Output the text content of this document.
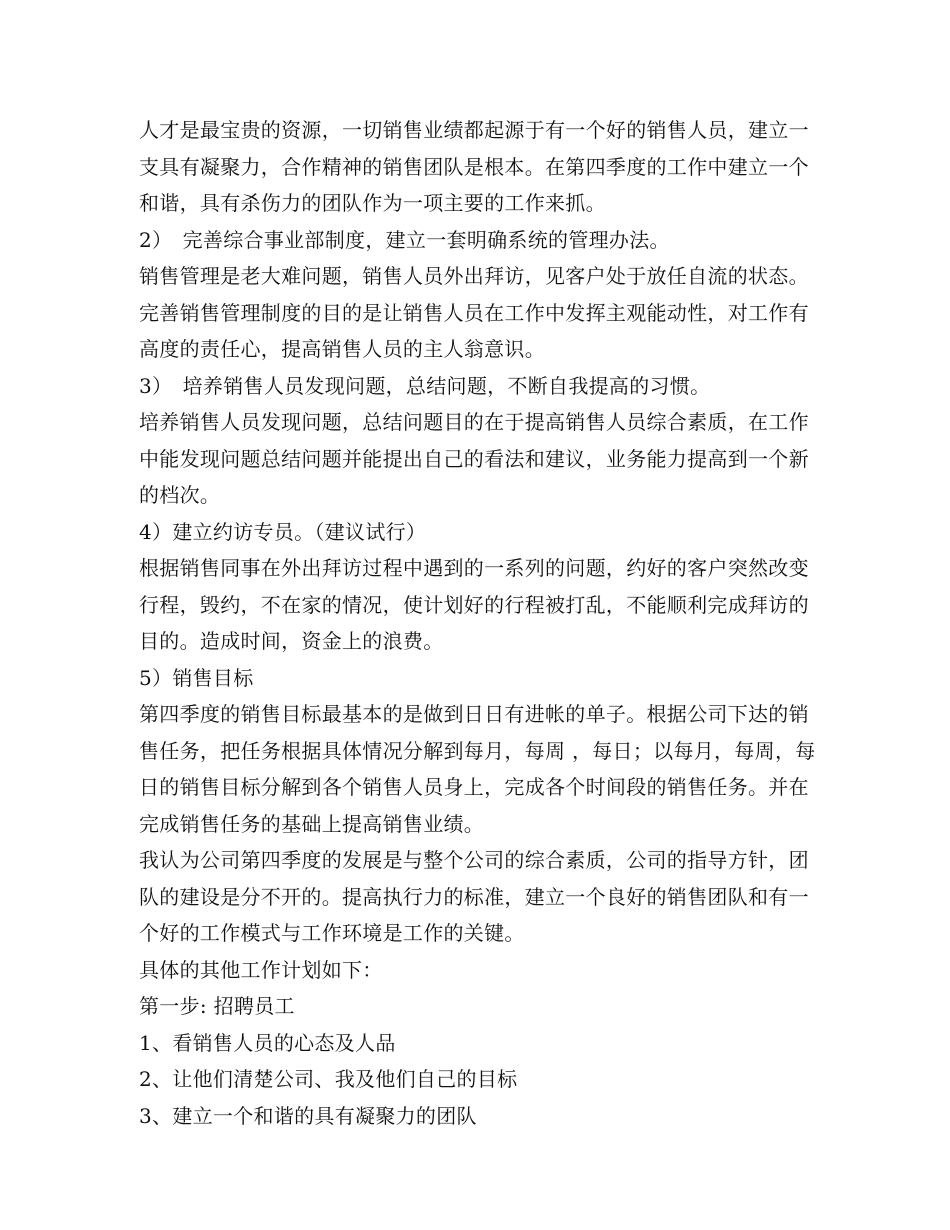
人才是最宝贵的资源，一切销售业绩都起源于有一个好的销售人员，建立一支具有凝聚力，合作精神的销售团队是根本。在第四季度的工作中建立一个和谐，具有杀伤力的团队作为一项主要的工作来抓。

2）　完善综合事业部制度，建立一套明确系统的管理办法。

销售管理是老大难问题，销售人员外出拜访，见客户处于放任自流的状态。完善销售管理制度的目的是让销售人员在工作中发挥主观能动性，对工作有高度的责任心，提高销售人员的主人翁意识。

3）　培养销售人员发现问题，总结问题，不断自我提高的习惯。

培养销售人员发现问题，总结问题目的在于提高销售人员综合素质，在工作中能发现问题总结问题并能提出自己的看法和建议，业务能力提高到一个新的档次。

4）建立约访专员。（建议试行）

根据销售同事在外出拜访过程中遇到的一系列的问题，约好的客户突然改变行程，毁约，不在家的情况，使计划好的行程被打乱，不能顺利完成拜访的目的。造成时间，资金上的浪费。

5）销售目标

第四季度的销售目标最基本的是做到日日有进帐的单子。根据公司下达的销售任务，把任务根据具体情况分解到每月，每周 ，每日；以每月，每周，每日的销售目标分解到各个销售人员身上，完成各个时间段的销售任务。并在完成销售任务的基础上提高销售业绩。

我认为公司第四季度的发展是与整个公司的综合素质，公司的指导方针，团队的建设是分不开的。提高执行力的标准，建立一个良好的销售团队和有一个好的工作模式与工作环境是工作的关键。

具体的其他工作计划如下：

第一步: 招聘员工

1、看销售人员的心态及人品

2、让他们清楚公司、我及他们自己的目标

3、建立一个和谐的具有凝聚力的团队
